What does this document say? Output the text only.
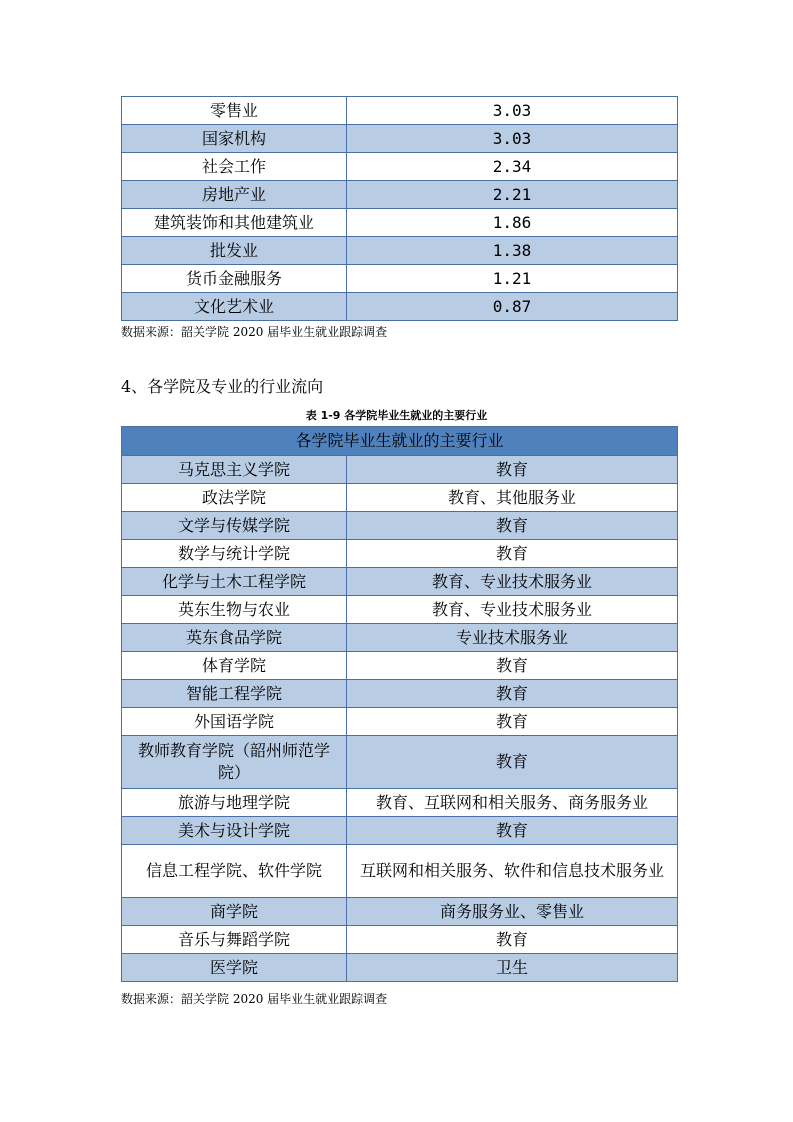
零售业	3.03
国家机构	3.03
社会工作	2.34
房地产业	2.21
建筑装饰和其他建筑业	1.86
批发业	1.38
货币金融服务	1.21
文化艺术业	0.87
数据来源：韶关学院 2020 届毕业生就业跟踪调查
4、各学院及专业的行业流向
表 1-9 各学院毕业生就业的主要行业
各学院毕业生就业的主要行业	
马克思主义学院	教育
政法学院	教育、其他服务业
文学与传媒学院	教育
数学与统计学院	教育
化学与土木工程学院	教育、专业技术服务业
英东生物与农业	教育、专业技术服务业
英东食品学院	专业技术服务业
体育学院	教育
智能工程学院	教育
外国语学院	教育
教师教育学院（韶州师范学院）	教育
旅游与地理学院	教育、互联网和相关服务、商务服务业
美术与设计学院	教育
信息工程学院、软件学院	互联网和相关服务、软件和信息技术服务业
商学院	商务服务业、零售业
音乐与舞蹈学院	教育
医学院	卫生
数据来源：韶关学院 2020 届毕业生就业跟踪调查
